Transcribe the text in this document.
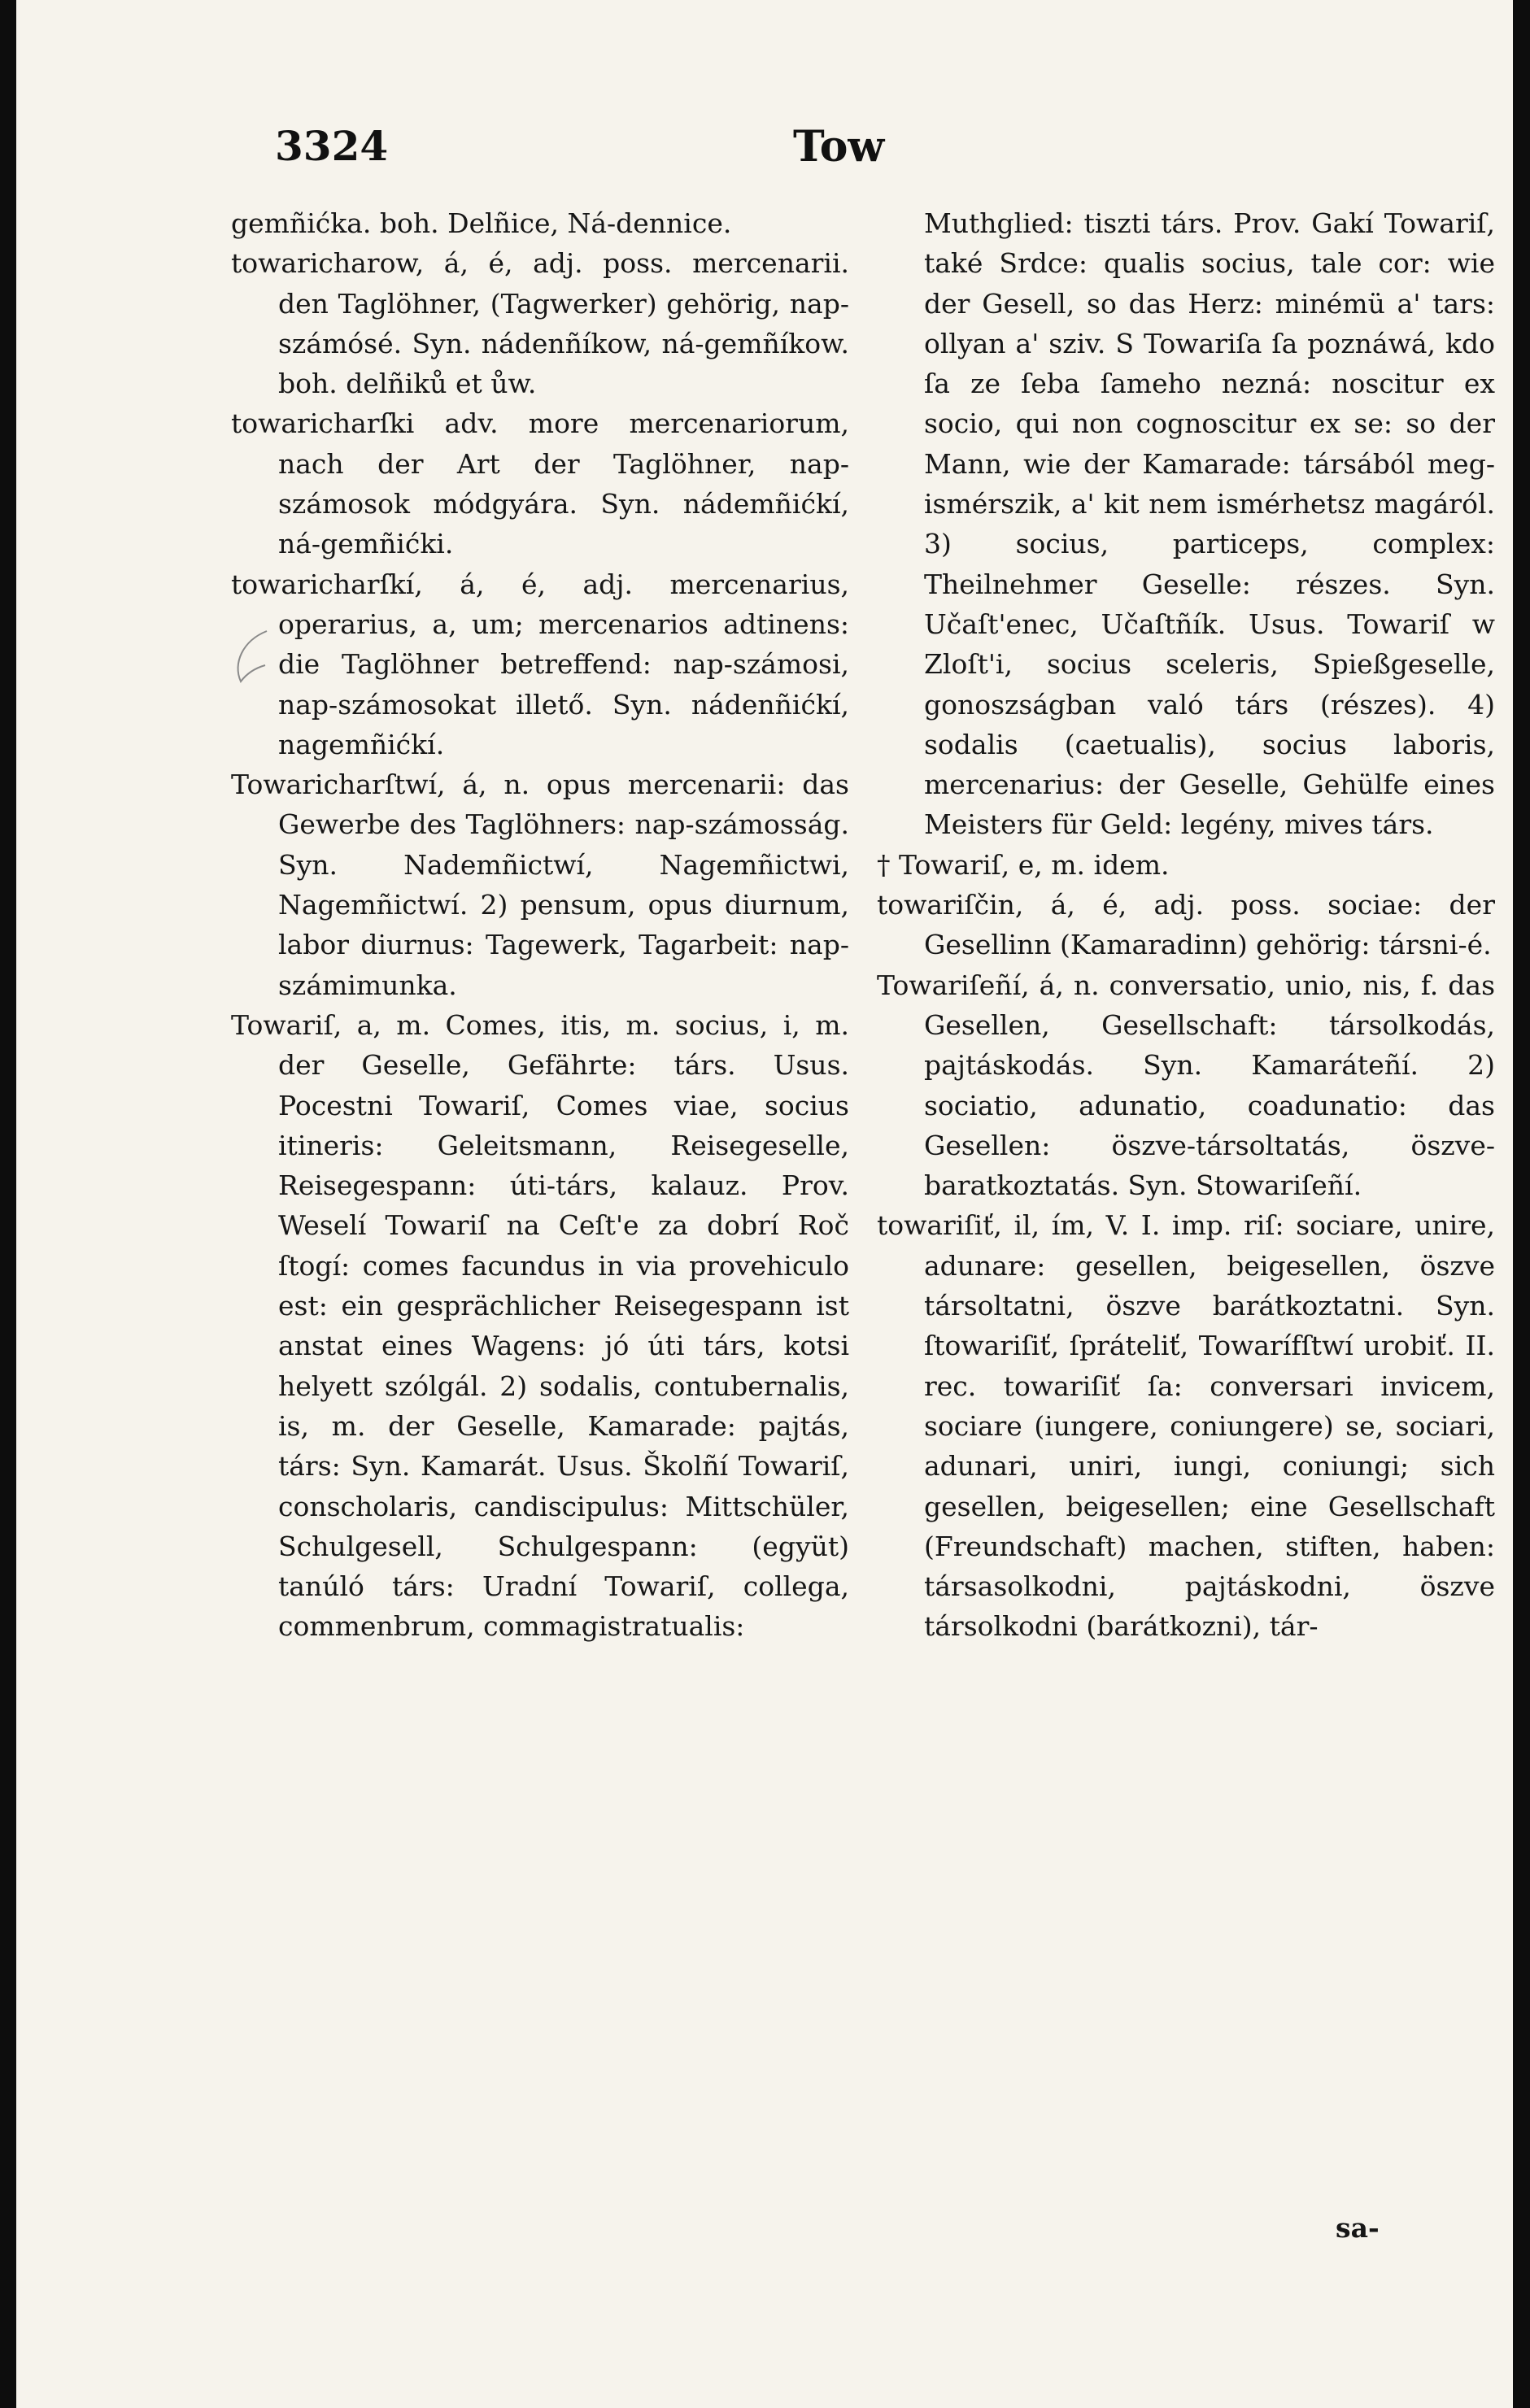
3324	Tow

gemñićka. boh. Delñice, Ná-dennice.

towaricharow, á, é, adj. poss. mercenarii. den Taglöhner, (Tagwerker) gehörig, nap-számósé. Syn. nádenñíkow, ná-gemñíkow. boh. delñiků et ůw.

towaricharſki adv. more mercenariorum, nach der Art der Taglöhner, nap-számosok módgyára. Syn. nádemñićkí, ná-gemñićki.

towaricharſkí, á, é, adj. mercenarius, operarius, a, um; mercenarios adtinens: die Taglöhner betreffend: nap-számosi, nap-számosokat illető. Syn. nádenñićkí, nagemñićkí.

Towaricharſtwí, á, n. opus mercenarii: das Gewerbe des Taglöhners: nap-számosság. Syn. Nademñictwí, Nagemñictwi, Nagemñictwí. 2) pensum, opus diurnum, labor diurnus: Tagewerk, Tagarbeit: nap-számimunka.

Towariſ, a, m. Comes, itis, m. socius, i, m. der Geselle, Gefährte: társ. Usus. Pocestni Towariſ, Comes viae, socius itineris: Geleitsmann, Reisegeselle, Reisegespann: úti-társ, kalauz. Prov. Weselí Towariſ na Ceſt'e za dobrí Roč ſtogí: comes facundus in via provehiculo est: ein gesprächlicher Reisegespann ist anstat eines Wagens: jó úti társ, kotsi helyett szólgál. 2) sodalis, contubernalis, is, m. der Geselle, Kamarade: pajtás, társ: Syn. Kamarát. Usus. Školñí Towariſ, conscholaris, candiscipulus: Mittschüler, Schulgesell, Schulgespann: (együt) tanúló társ: Uradní Towariſ, collega, commenbrum, commagistratualis:

Muthglied: tiszti társ. Prov. Gakí Towariſ, také Srdce: qualis socius, tale cor: wie der Gesell, so das Herz: minémü a' tars: ollyan a' sziv. S Towariſa ſa poznáwá, kdo ſa ze ſeba ſameho nezná: noscitur ex socio, qui non cognoscitur ex se: so der Mann, wie der Kamarade: társából meg-ismérszik, a' kit nem ismérhetsz magáról. 3) socius, particeps, complex: Theilnehmer Geselle: részes. Syn. Učaſt'enec, Učaſtñík. Usus. Towariſ w Zloſt'i, socius sceleris, Spießgeselle, gonoszságban való társ (részes). 4) sodalis (caetualis), socius laboris, mercenarius: der Geselle, Gehülfe eines Meisters für Geld: legény, mives társ.

† Towariſ, e, m. idem.

towariſčin, á, é, adj. poss. sociae: der Gesellinn (Kamaradinn) gehörig: társni-é.

Towariſeñí, á, n. conversatio, unio, nis, f. das Gesellen, Gesellschaft: társolkodás, pajtáskodás. Syn. Kamaráteñí. 2) sociatio, adunatio, coadunatio: das Gesellen: öszve-társoltatás, öszve-baratkoztatás. Syn. Stowariſeñí.

towariſiť, il, ím, V. I. imp. riſ: sociare, unire, adunare: gesellen, beigesellen, öszve társoltatni, öszve barátkoztatni. Syn. ſtowariſiť, ſpráteliť, Towarífſtwí urobiť. II. rec. towariſiť ſa: conversari invicem, sociare (iungere, coniungere) se, sociari, adunari, uniri, iungi, coniungi; sich gesellen, beigesellen; eine Gesellschaft (Freundschaft) machen, stiften, haben: társasolkodni, pajtáskodni, öszve társolkodni (barátkozni), tár-

sa-
